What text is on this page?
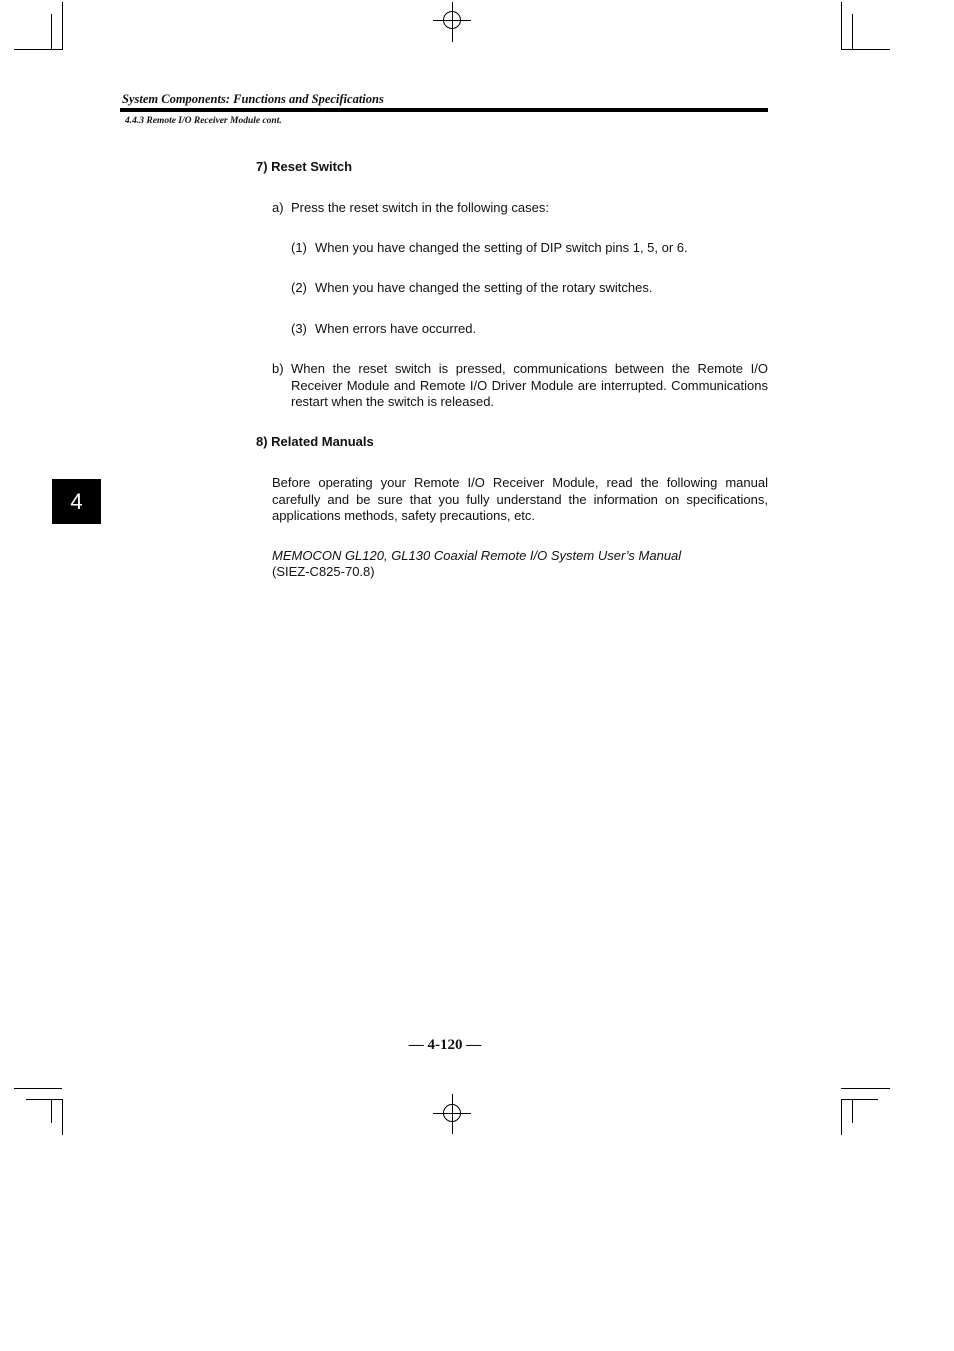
System Components: Functions and Specifications
4.4.3 Remote I/O Receiver Module cont.
7) Reset Switch
a) Press the reset switch in the following cases:
(1) When you have changed the setting of DIP switch pins 1, 5, or 6.
(2) When you have changed the setting of the rotary switches.
(3) When errors have occurred.
b) When the reset switch is pressed, communications between the Remote I/O Receiver Module and Remote I/O Driver Module are interrupted. Communications restart when the switch is released.
8) Related Manuals
Before operating your Remote I/O Receiver Module, read the following manual carefully and be sure that you fully understand the information on specifications, applications methods, safety precautions, etc.
MEMOCON GL120, GL130 Coaxial Remote I/O System User’s Manual
(SIEZ-C825-70.8)
4
— 4-120 —
